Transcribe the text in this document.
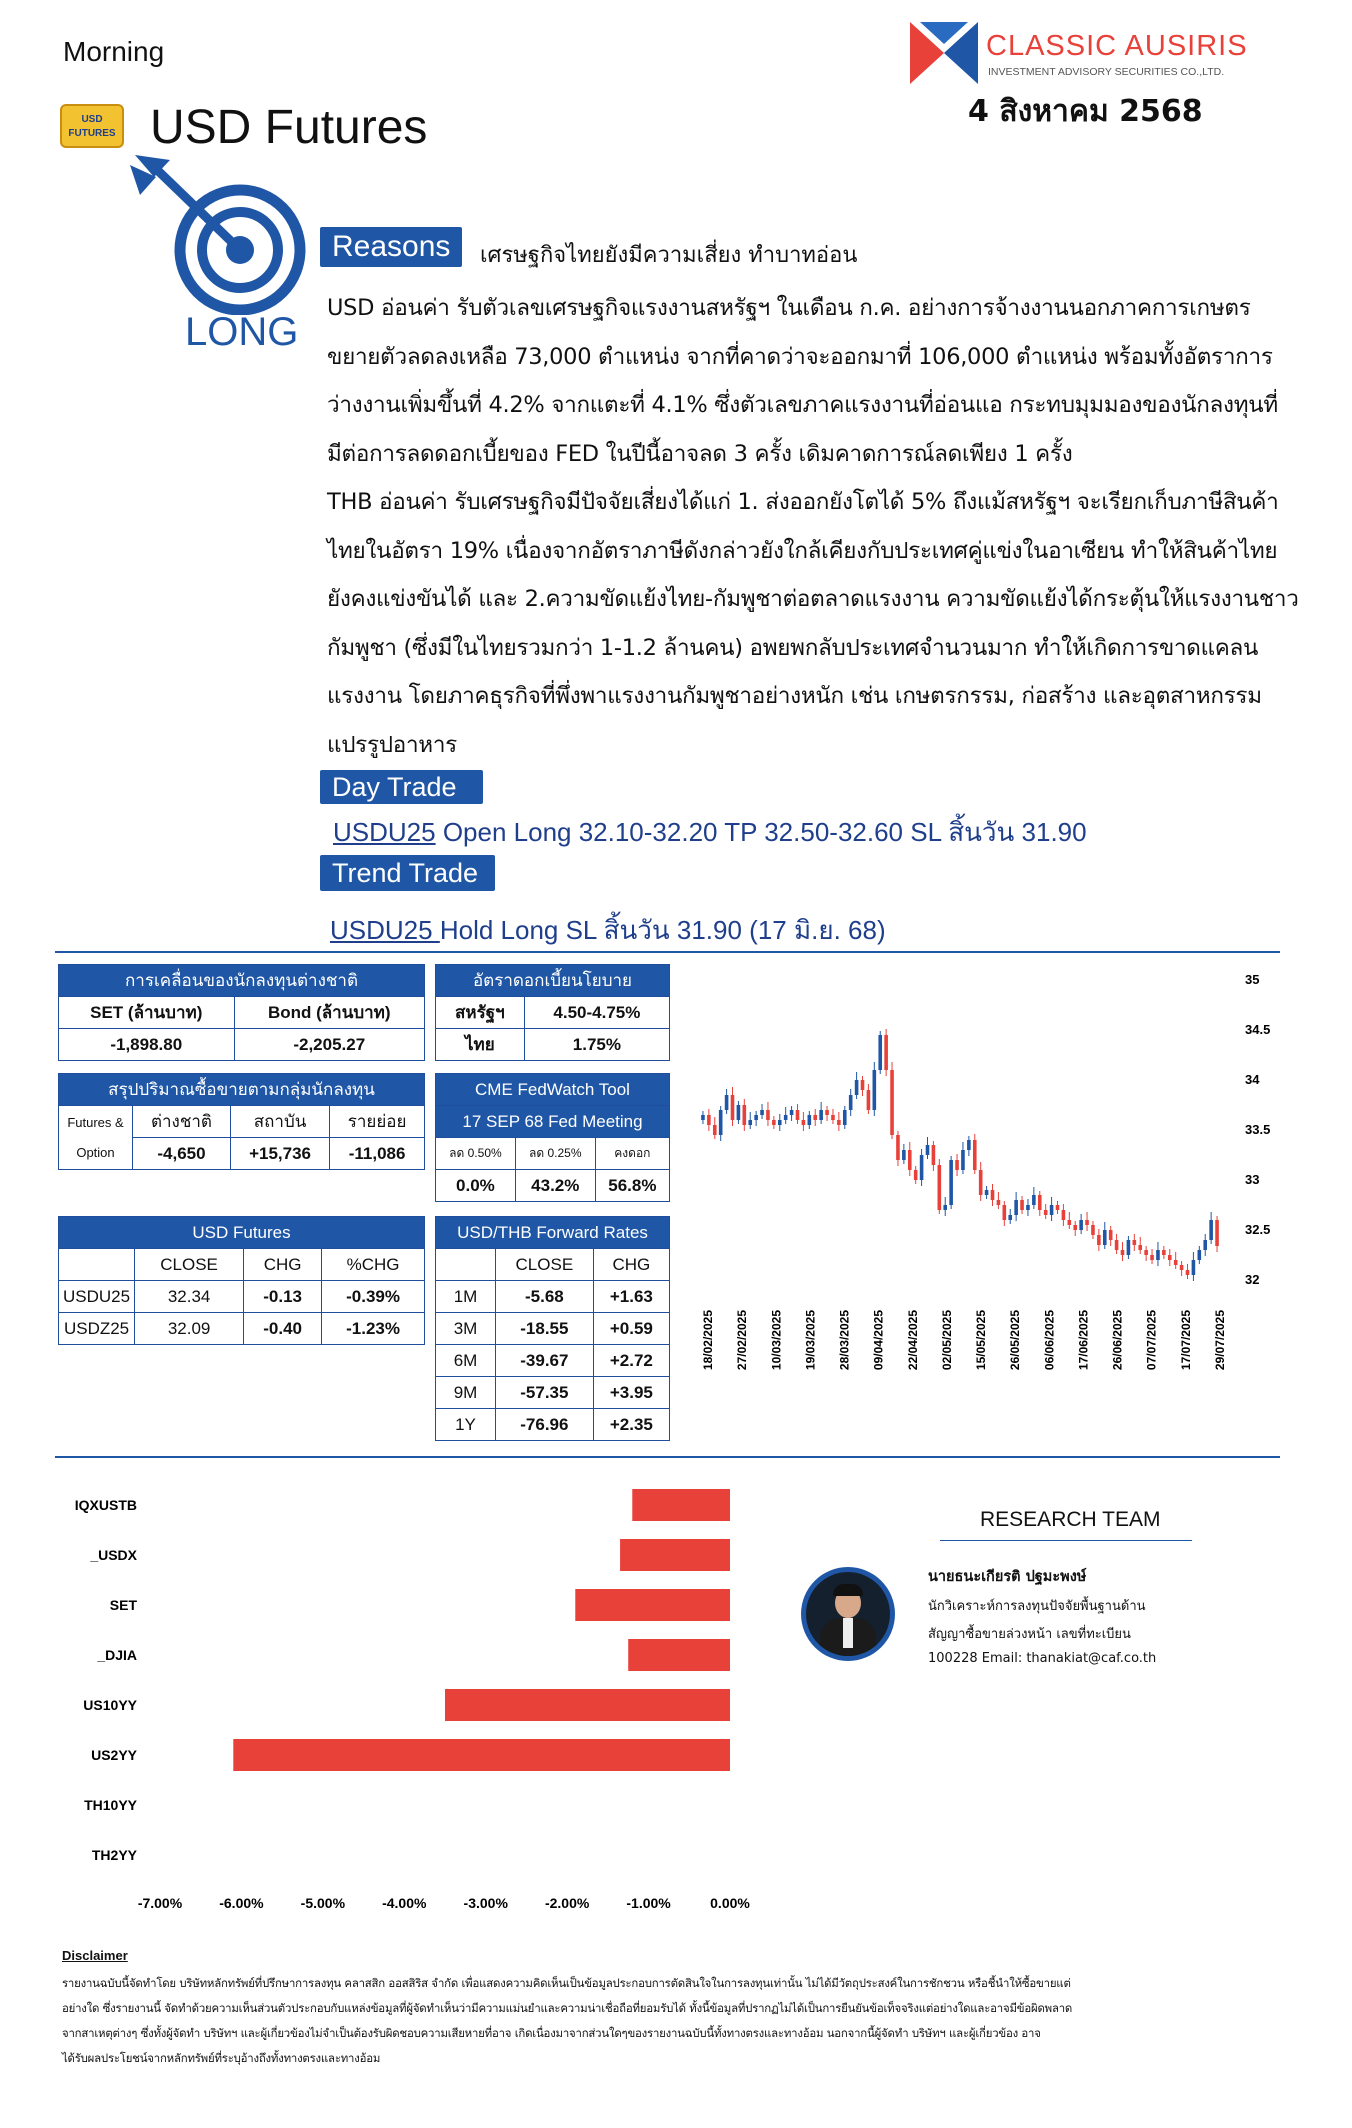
Morning
USD FUTURES USD Futures
CLASSIC AUSIRIS
INVESTMENT ADVISORY SECURITIES CO.,LTD.
4 สิงหาคม 2568
LONG
Reasons	เศรษฐกิจไทยยังมีความเสี่ยง ทำบาทอ่อน

USD อ่อนค่า รับตัวเลขเศรษฐกิจแรงงานสหรัฐฯ ในเดือน ก.ค. อย่างการจ้างงานนอกภาคการเกษตร

ขยายตัวลดลงเหลือ 73,000 ตำแหน่ง จากที่คาดว่าจะออกมาที่ 106,000 ตำแหน่ง พร้อมทั้งอัตราการ

ว่างงานเพิ่มขึ้นที่ 4.2% จากแตะที่ 4.1% ซึ่งตัวเลขภาคแรงงานที่อ่อนแอ กระทบมุมมองของนักลงทุนที่

มีต่อการลดดอกเบี้ยของ FED ในปีนี้อาจลด 3 ครั้ง เดิมคาดการณ์ลดเพียง 1 ครั้ง

THB อ่อนค่า รับเศรษฐกิจมีปัจจัยเสี่ยงได้แก่ 1. ส่งออกยังโตได้ 5% ถึงแม้สหรัฐฯ จะเรียกเก็บภาษีสินค้า

ไทยในอัตรา 19% เนื่องจากอัตราภาษีดังกล่าวยังใกล้เคียงกับประเทศคู่แข่งในอาเซียน ทำให้สินค้าไทย

ยังคงแข่งขันได้ และ 2.ความขัดแย้งไทย-กัมพูชาต่อตลาดแรงงาน ความขัดแย้งได้กระตุ้นให้แรงงานชาว

กัมพูชา (ซึ่งมีในไทยรวมกว่า 1-1.2 ล้านคน) อพยพกลับประเทศจำนวนมาก ทำให้เกิดการขาดแคลน

แรงงาน โดยภาคธุรกิจที่พึ่งพาแรงงานกัมพูชาอย่างหนัก เช่น เกษตรกรรม, ก่อสร้าง และอุตสาหกรรม

แปรรูปอาหาร

Day Trade
USDU25 Open Long 32.10-32.20 TP 32.50-32.60 SL สิ้นวัน 31.90
Trend Trade
USDU25 Hold Long SL สิ้นวัน 31.90 (17 มิ.ย. 68)
การเคลื่อนของนักลงทุนต่างชาติ	
SET (ล้านบาท)	Bond (ล้านบาท)
-1,898.80	-2,205.27
อัตราดอกเบี้ยนโยบาย	
สหรัฐฯ	4.50-4.75%
ไทย	1.75%
สรุปปริมาณซื้อขายตามกลุ่มนักลงทุน			

Futures &
Option	ต่างชาติ	สถาบัน	รายย่อย
	-4,650	+15,736	-11,086
CME FedWatch Tool		
17 SEP 68 Fed Meeting		
ลด 0.50%	ลด 0.25%	คงดอก
0.0%	43.2%	56.8%
USD Futures			
	CLOSE	CHG	%CHG
USDU25	32.34	-0.13	-0.39%
USDZ25	32.09	-0.40	-1.23%
USD/THB Forward Rates		
	CLOSE	CHG
1M	-5.68	+1.63
3M	-18.55	+0.59
6M	-39.67	+2.72
9M	-57.35	+3.95
1Y	-76.96	+2.35
35
34.5
34
33.5
33
32.5
32
18/02/2025 27/02/2025 10/03/2025 19/03/2025 28/03/2025 09/04/2025 22/04/2025 02/05/2025 15/05/2025 26/05/2025 06/06/2025 17/06/2025 26/06/2025 07/07/2025 17/07/2025 29/07/2025
IQXUSTB
_USDX
SET
_DJIA
US10YY
US2YY
TH10YY
TH2YY
-7.00%	-6.00%	-5.00%	-4.00%	-3.00%	-2.00%	-1.00%	0.00%
RESEARCH TEAM
นายธนะเกียรติ ปฐมะพงษ์
นักวิเคราะห์การลงทุนปัจจัยพื้นฐานด้าน
สัญญาซื้อขายล่วงหน้า เลขที่ทะเบียน
100228 Email: thanakiat@caf.co.th
Disclaimer

รายงานฉบับนี้จัดทำโดย บริษัทหลักทรัพย์ที่ปรึกษาการลงทุน คลาสสิก ออสสิริส จำกัด เพื่อแสดงความคิดเห็นเป็นข้อมูลประกอบการตัดสินใจในการลงทุนเท่านั้น ไม่ได้มีวัตถุประสงค์ในการชักชวน หรือชี้นำให้ซื้อขายแต่

อย่างใด ซึ่งรายงานนี้ จัดทำด้วยความเห็นส่วนตัวประกอบกับแหล่งข้อมูลที่ผู้จัดทำเห็นว่ามีความแม่นยำและความน่าเชื่อถือที่ยอมรับได้ ทั้งนี้ข้อมูลที่ปรากฏไม่ได้เป็นการยืนยันข้อเท็จจริงแต่อย่างใดและอาจมีข้อผิดพลาด

จากสาเหตุต่างๆ ซึ่งทั้งผู้จัดทำ บริษัทฯ และผู้เกี่ยวข้องไม่จำเป็นต้องรับผิดชอบความเสียหายที่อาจ เกิดเนื่องมาจากส่วนใดๆของรายงานฉบับนี้ทั้งทางตรงและทางอ้อม นอกจากนี้ผู้จัดทำ บริษัทฯ และผู้เกี่ยวข้อง อาจ

ได้รับผลประโยชน์จากหลักทรัพย์ที่ระบุอ้างถึงทั้งทางตรงและทางอ้อม
